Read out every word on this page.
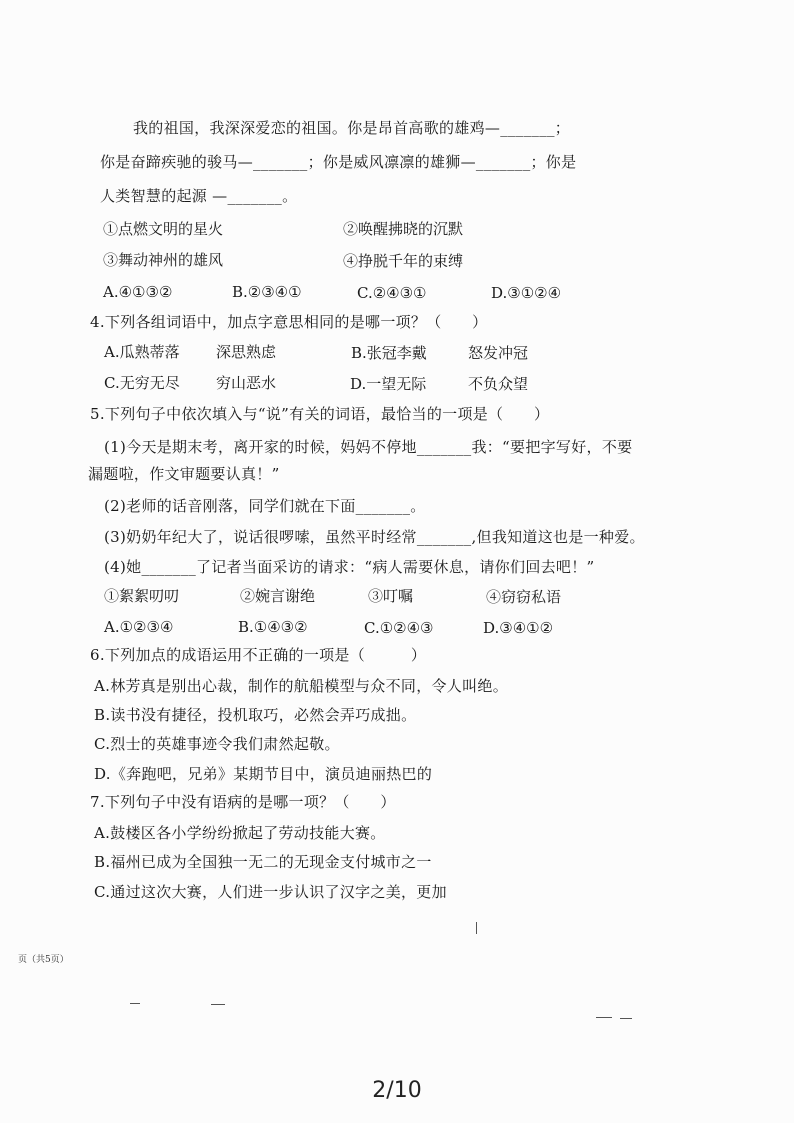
我的祖国，我深深爱恋的祖国。你是昂首高歌的雄鸡—_______；
你是奋蹄疾驰的骏马—_______；你是威风凛凛的雄狮—_______；你是
人类智慧的起源 —_______。
①点燃文明的星火	②唤醒拂晓的沉默
③舞动神州的雄风	④挣脱千年的束缚
A.④①③②	B.②③④①	C.②④③①	D.③①②④
4.下列各组词语中，加点字意思相同的是哪一项？（　　）
A.瓜熟蒂落 深思熟虑	B.张冠李戴	怒发冲冠
C.无穷无尽 穷山恶水	D.一望无际	不负众望
5.下列句子中依次填入与“说”有关的词语，最恰当的一项是（　　）
(1)今天是期末考，离开家的时候，妈妈不停地_______我：“要把字写好，不要
漏题啦，作文审题要认真！”
(2)老师的话音刚落，同学们就在下面_______。
(3)奶奶年纪大了，说话很啰嗦，虽然平时经常_______,但我知道这也是一种爱。
(4)她_______了记者当面采访的请求：“病人需要休息，请你们回去吧！”
①絮絮叨叨	②婉言谢绝	③叮嘱	④窃窃私语
A.①②③④	B.①④③②	C.①②④③	D.③④①②
6.下列加点的成语运用不正确的一项是（　　　）
A.林芳真是别出心裁，制作的航船模型与众不同，令人叫绝。
B.读书没有捷径，投机取巧，必然会弄巧成拙。
C.烈士的英雄事迹令我们肃然起敬。
D.《奔跑吧，兄弟》某期节目中，演员迪丽热巴的
7.下列句子中没有语病的是哪一项？（　　）
A.鼓楼区各小学纷纷掀起了劳动技能大赛。
B.福州已成为全国独一无二的无现金支付城市之一
C.通过这次大赛，人们进一步认识了汉字之美，更加
页（共5页）
2/10
